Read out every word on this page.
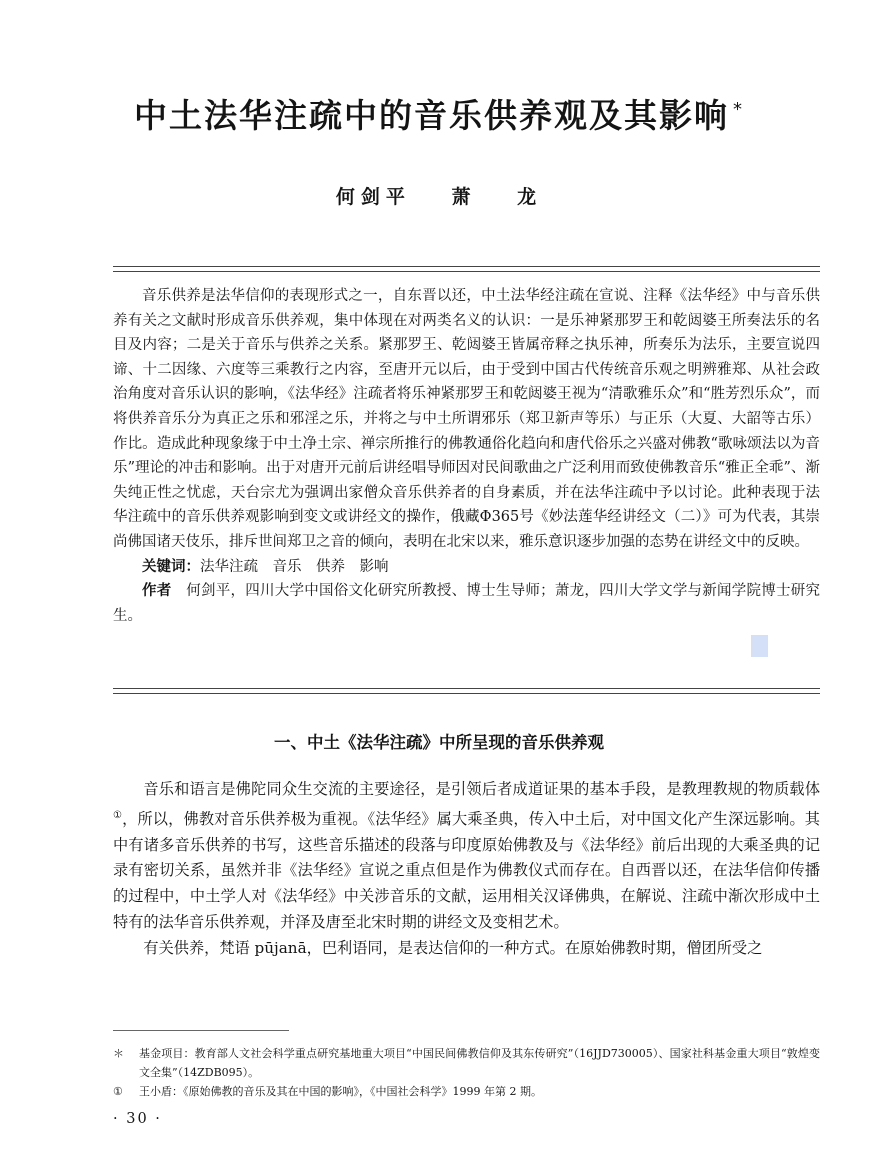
中土法华注疏中的音乐供养观及其影响 *
何剑平 萧 龙

音乐供养是法华信仰的表现形式之一，自东晋以还，中土法华经注疏在宣说、注释《法华经》中与音乐供养有关之文献时形成音乐供养观，集中体现在对两类名义的认识：一是乐神紧那罗王和乾闼婆王所奏法乐的名目及内容；二是关于音乐与供养之关系。紧那罗王、乾闼婆王皆属帝释之执乐神，所奏乐为法乐，主要宣说四谛、十二因缘、六度等三乘教行之内容，至唐开元以后，由于受到中国古代传统音乐观之明辨雅郑、从社会政治角度对音乐认识的影响，《法华经》注疏者将乐神紧那罗王和乾闼婆王视为“清歌雅乐众”和“胜芳烈乐众”，而将供养音乐分为真正之乐和邪淫之乐，并将之与中土所谓邪乐（郑卫新声等乐）与正乐（大夏、大韶等古乐）作比。造成此种现象缘于中土净土宗、禅宗所推行的佛教通俗化趋向和唐代俗乐之兴盛对佛教“歌咏颂法以为音乐”理论的冲击和影响。出于对唐开元前后讲经唱导师因对民间歌曲之广泛利用而致使佛教音乐“雅正全乖”、渐失纯正性之忧虑，天台宗尤为强调出家僧众音乐供养者的自身素质，并在法华注疏中予以讨论。此种表现于法华注疏中的音乐供养观影响到变文或讲经文的操作，俄藏Φ365号《妙法莲华经讲经文（二）》可为代表，其崇尚佛国诸天伎乐，排斥世间郑卫之音的倾向，表明在北宋以来，雅乐意识逐步加强的态势在讲经文中的反映。

关键词：法华注疏　音乐　供养　影响

作者　 何剑平，四川大学中国俗文化研究所教授、博士生导师；萧龙，四川大学文学与新闻学院博士研究生。

一、中土《法华注疏》中所呈现的音乐供养观

音乐和语言是佛陀同众生交流的主要途径，是引领后者成道证果的基本手段，是教理教规的物质载体①，所以，佛教对音乐供养极为重视。《法华经》属大乘圣典，传入中土后，对中国文化产生深远影响。其中有诸多音乐供养的书写，这些音乐描述的段落与印度原始佛教及与《法华经》前后出现的大乘圣典的记录有密切关系，虽然并非《法华经》宣说之重点但是作为佛教仪式而存在。自西晋以还，在法华信仰传播的过程中，中土学人对《法华经》中关涉音乐的文献，运用相关汉译佛典，在解说、注疏中渐次形成中土特有的法华音乐供养观，并泽及唐至北宋时期的讲经文及变相艺术。

有关供养，梵语 pūjanā，巴利语同，是表达信仰的一种方式。在原始佛教时期，僧团所受之

＊	基金项目：教育部人文社会科学重点研究基地重大项目“中国民间佛教信仰及其东传研究”（16JJD730005）、国家社科基金重大项目“敦煌变文全集”（14ZDB095）。
①	王小盾：《原始佛教的音乐及其在中国的影响》，《中国社会科学》1999 年第 2 期。
· 30 ·
